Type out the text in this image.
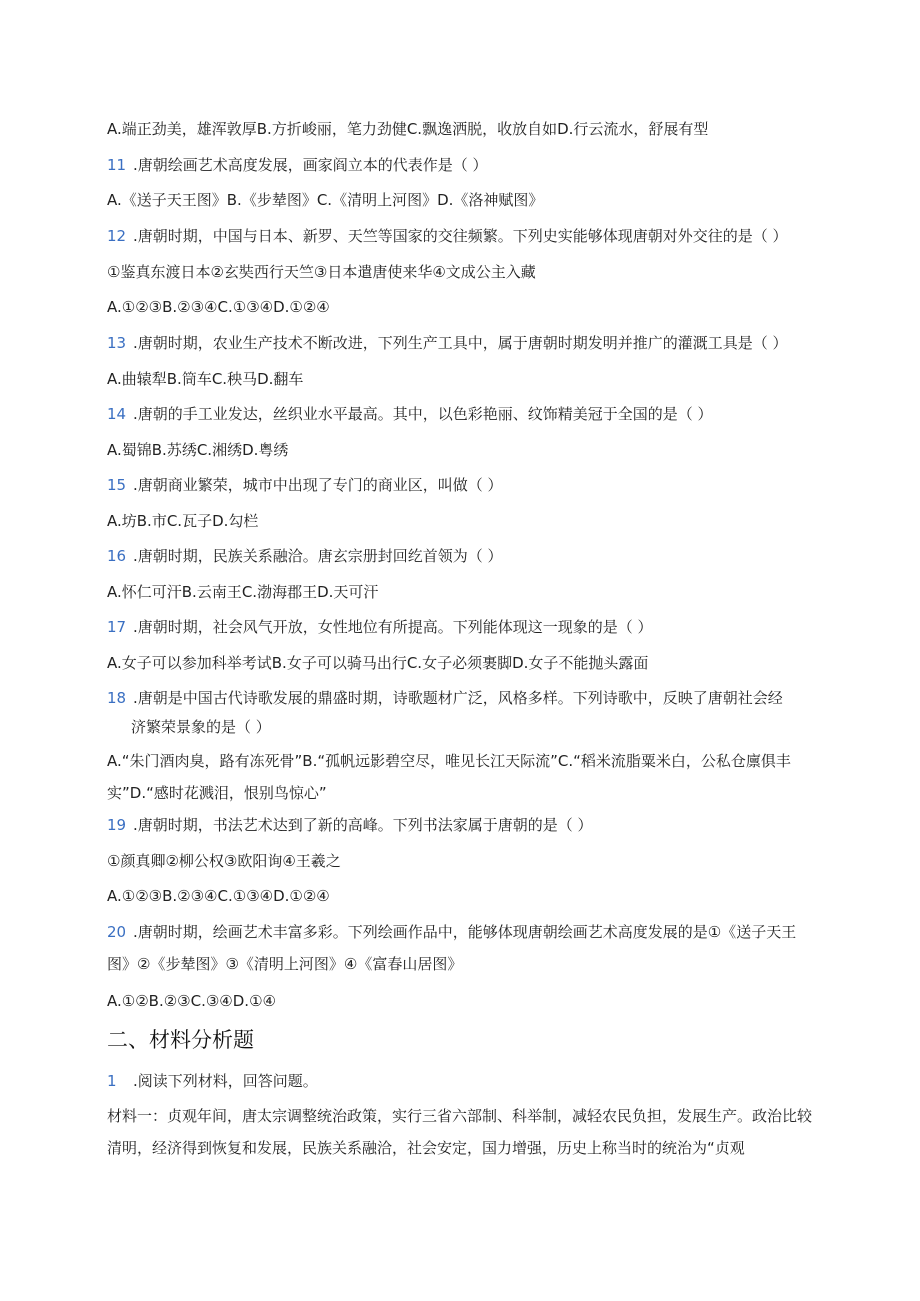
A.端正劲美，雄浑敦厚B.方折峻丽，笔力劲健C.飘逸洒脱，收放自如D.行云流水，舒展有型
11 .唐朝绘画艺术高度发展，画家阎立本的代表作是（ ）
A.《送子天王图》B.《步辇图》C.《清明上河图》D.《洛神赋图》
12 .唐朝时期，中国与日本、新罗、天竺等国家的交往频繁。下列史实能够体现唐朝对外交往的是（ ）
①鉴真东渡日本②玄奘西行天竺③日本遣唐使来华④文成公主入藏
A.①②③B.②③④C.①③④D.①②④
13 .唐朝时期，农业生产技术不断改进，下列生产工具中，属于唐朝时期发明并推广的灌溉工具是（ ）
A.曲辕犁B.筒车C.秧马D.翻车
14 .唐朝的手工业发达，丝织业水平最高。其中，以色彩艳丽、纹饰精美冠于全国的是（ ）
A.蜀锦B.苏绣C.湘绣D.粤绣
15 .唐朝商业繁荣，城市中出现了专门的商业区，叫做（ ）
A.坊B.市C.瓦子D.勾栏
16 .唐朝时期，民族关系融洽。唐玄宗册封回纥首领为（ ）
A.怀仁可汗B.云南王C.渤海郡王D.天可汗
17 .唐朝时期，社会风气开放，女性地位有所提高。下列能体现这一现象的是（ ）
A.女子可以参加科举考试B.女子可以骑马出行C.女子必须裹脚D.女子不能抛头露面
18 .唐朝是中国古代诗歌发展的鼎盛时期，诗歌题材广泛，风格多样。下列诗歌中，反映了唐朝社会经
济繁荣景象的是（ ）
A.“朱门酒肉臭，路有冻死骨”B.“孤帆远影碧空尽，唯见长江天际流”C.“稻米流脂粟米白，公私仓廪俱丰实”D.“感时花溅泪，恨别鸟惊心”
19 .唐朝时期，书法艺术达到了新的高峰。下列书法家属于唐朝的是（ ）
①颜真卿②柳公权③欧阳询④王羲之
A.①②③B.②③④C.①③④D.①②④
20 .唐朝时期，绘画艺术丰富多彩。下列绘画作品中，能够体现唐朝绘画艺术高度发展的是①《送子天王图》②《步辇图》③《清明上河图》④《富春山居图》
A.①②B.②③C.③④D.①④
二、材料分析题
1 .阅读下列材料，回答问题。
材料一：贞观年间，唐太宗调整统治政策，实行三省六部制、科举制，减轻农民负担，发展生产。政治比较清明，经济得到恢复和发展，民族关系融洽，社会安定，国力增强，历史上称当时的统治为“贞观
